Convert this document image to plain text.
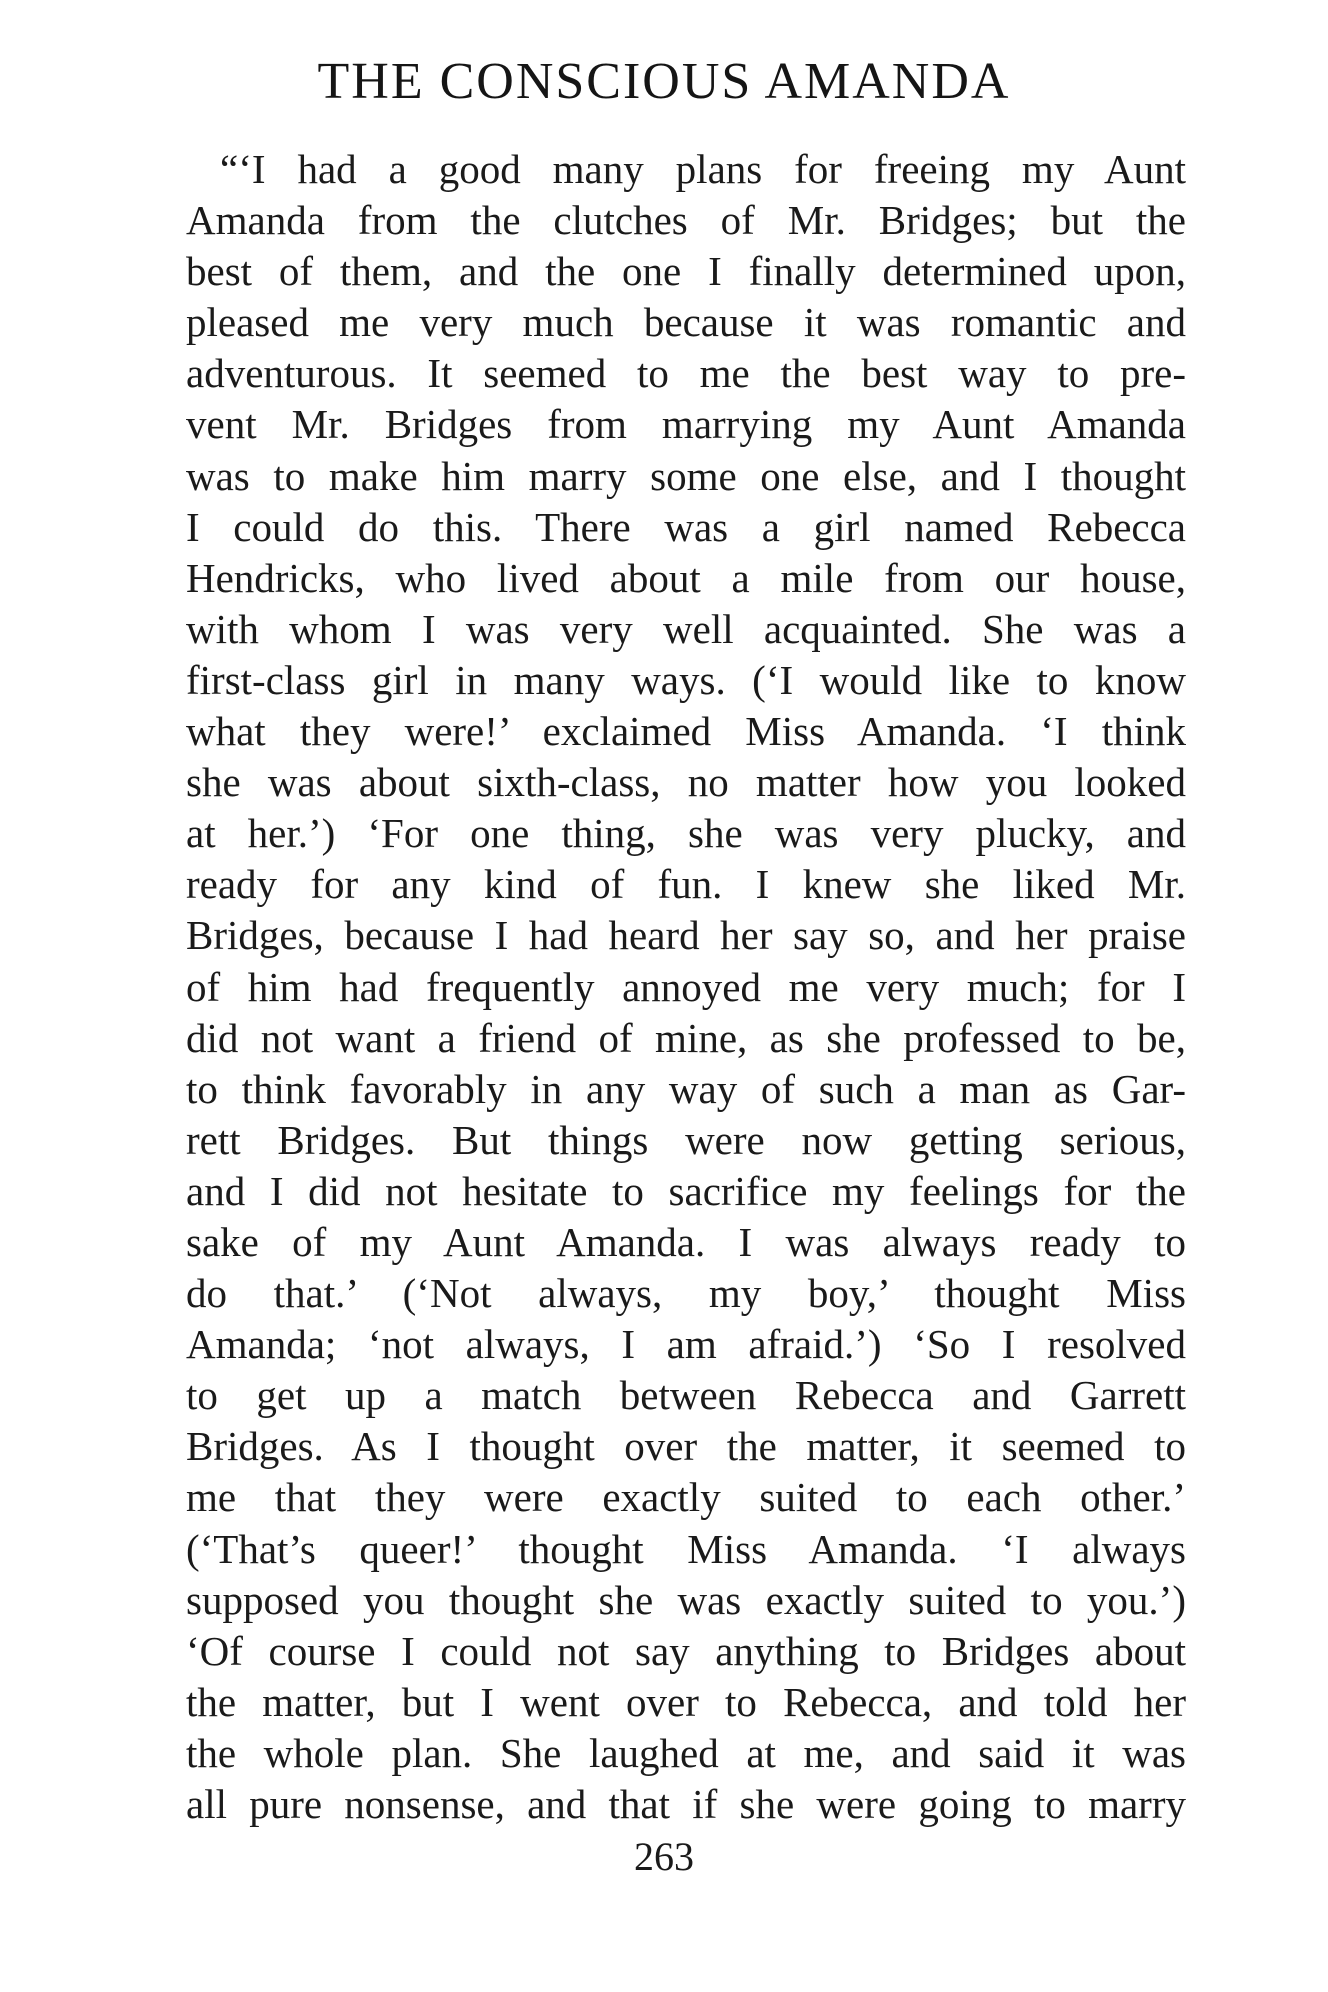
THE CONSCIOUS AMANDA
“‘I had a good many plans for freeing my Aunt
Amanda from the clutches of Mr. Bridges; but the
best of them, and the one I finally determined upon,
pleased me very much because it was romantic and
adventurous. It seemed to me the best way to pre-
vent Mr. Bridges from marrying my Aunt Amanda
was to make him marry some one else, and I thought
I could do this. There was a girl named Rebecca
Hendricks, who lived about a mile from our house,
with whom I was very well acquainted. She was a
first-class girl in many ways. (‘I would like to know
what they were!’ exclaimed Miss Amanda. ‘I think
she was about sixth-class, no matter how you looked
at her.’) ‘For one thing, she was very plucky, and
ready for any kind of fun. I knew she liked Mr.
Bridges, because I had heard her say so, and her praise
of him had frequently annoyed me very much; for I
did not want a friend of mine, as she professed to be,
to think favorably in any way of such a man as Gar-
rett Bridges. But things were now getting serious,
and I did not hesitate to sacrifice my feelings for the
sake of my Aunt Amanda. I was always ready to
do that.’ (‘Not always, my boy,’ thought Miss
Amanda; ‘not always, I am afraid.’) ‘So I resolved
to get up a match between Rebecca and Garrett
Bridges. As I thought over the matter, it seemed to
me that they were exactly suited to each other.’
(‘That’s queer!’ thought Miss Amanda. ‘I always
supposed you thought she was exactly suited to you.’)
‘Of course I could not say anything to Bridges about
the matter, but I went over to Rebecca, and told her
the whole plan. She laughed at me, and said it was
all pure nonsense, and that if she were going to marry
263
